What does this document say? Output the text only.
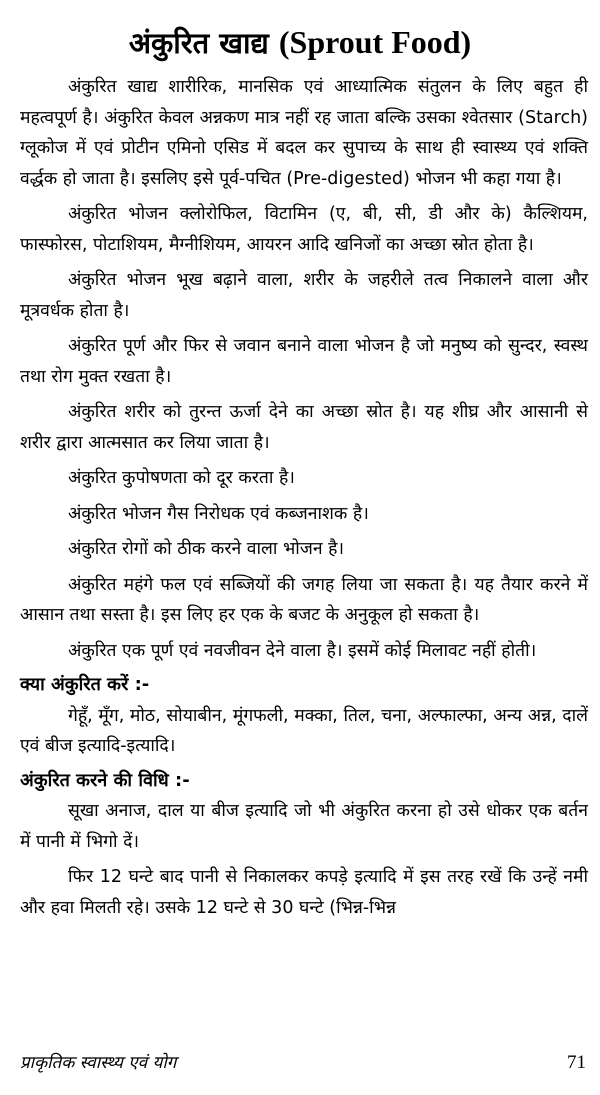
अंकुरित खाद्य (Sprout Food)

अंकुरित खाद्य शारीरिक, मानसिक एवं आध्यात्मिक संतुलन के लिए बहुत ही महत्वपूर्ण है। अंकुरित केवल अन्नकण मात्र नहीं रह जाता बल्कि उसका श्वेतसार (Starch) ग्लूकोज में एवं प्रोटीन एमिनो एसिड में बदल कर सुपाच्य के साथ ही स्वास्थ्य एवं शक्ति वर्द्धक हो जाता है। इसलिए इसे पूर्व-पचित (Pre-digested) भोजन भी कहा गया है।

अंकुरित भोजन क्लोरोफिल, विटामिन (ए, बी, सी, डी और के) कैल्शियम, फास्फोरस, पोटाशियम, मैग्नीशियम, आयरन आदि खनिजों का अच्छा स्रोत होता है।

अंकुरित भोजन भूख बढ़ाने वाला, शरीर के जहरीले तत्व निकालने वाला और मूत्रवर्धक होता है।

अंकुरित पूर्ण और फिर से जवान बनाने वाला भोजन है जो मनुष्य को सुन्दर, स्वस्थ तथा रोग मुक्त रखता है।

अंकुरित शरीर को तुरन्त ऊर्जा देने का अच्छा स्रोत है। यह शीघ्र और आसानी से शरीर द्वारा आत्मसात कर लिया जाता है।

अंकुरित कुपोषणता को दूर करता है।

अंकुरित भोजन गैस निरोधक एवं कब्जनाशक है।

अंकुरित रोगों को ठीक करने वाला भोजन है।

अंकुरित महंगे फल एवं सब्जियों की जगह लिया जा सकता है। यह तैयार करने में आसान तथा सस्ता है। इस लिए हर एक के बजट के अनुकूल हो सकता है।

अंकुरित एक पूर्ण एवं नवजीवन देने वाला है। इसमें कोई मिलावट नहीं होती।

क्या अंकुरित करें :-

गेहूँ, मूँग, मोठ, सोयाबीन, मूंगफली, मक्का, तिल, चना, अल्फाल्फा, अन्य अन्न, दालें एवं बीज इत्यादि-इत्यादि।

अंकुरित करने की विधि :-

सूखा अनाज, दाल या बीज इत्यादि जो भी अंकुरित करना हो उसे धोकर एक बर्तन में पानी में भिगो दें।

फिर 12 घन्टे बाद पानी से निकालकर कपड़े इत्यादि में इस तरह रखें कि उन्हें नमी और हवा मिलती रहे। उसके 12 घन्टे से 30 घन्टे (भिन्न-भिन्न

प्राकृतिक स्वास्थ्य एवं योग	71
